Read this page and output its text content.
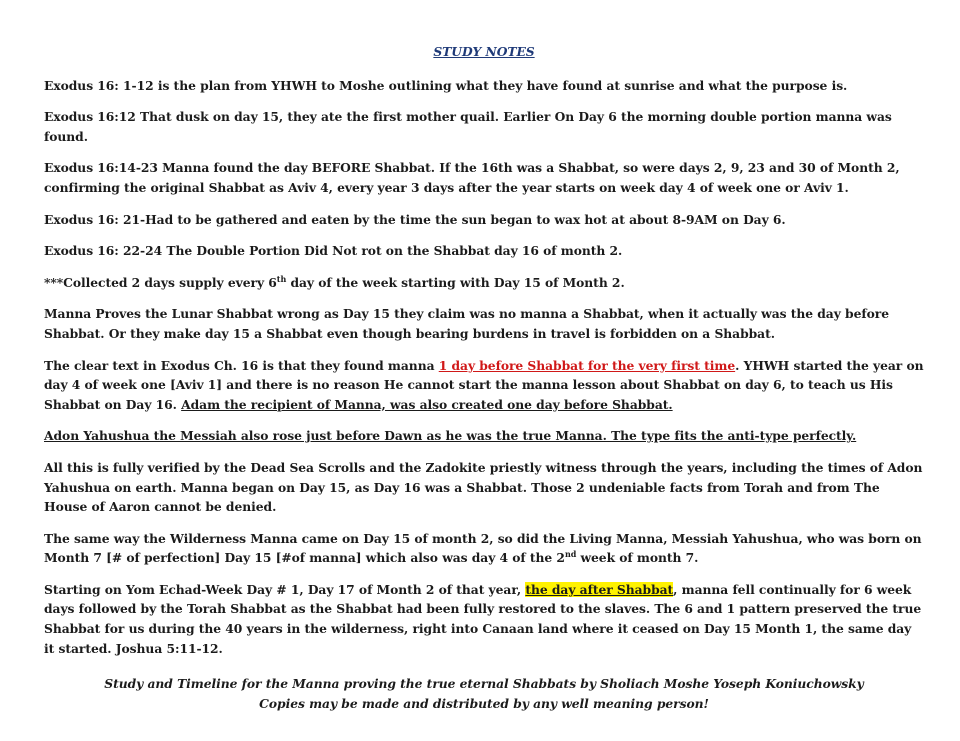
STUDY NOTES

Exodus 16: 1-12 is the plan from YHWH to Moshe outlining what they have found at sunrise and what the purpose is.

Exodus 16:12 That dusk on day 15, they ate the first mother quail. Earlier On Day 6 the morning double portion manna was found.

Exodus 16:14-23 Manna found the day BEFORE Shabbat. If the 16th was a Shabbat, so were days 2, 9, 23 and 30 of Month 2, confirming the original Shabbat as Aviv 4, every year 3 days after the year starts on week day 4 of week one or Aviv 1.

Exodus 16: 21-Had to be gathered and eaten by the time the sun began to wax hot at about 8-9AM on Day 6.

Exodus 16: 22-24 The Double Portion Did Not rot on the Shabbat day 16 of month 2.

***Collected 2 days supply every 6th day of the week starting with Day 15 of Month 2.

Manna Proves the Lunar Shabbat wrong as Day 15 they claim was no manna a Shabbat, when it actually was the day before Shabbat. Or they make day 15 a Shabbat even though bearing burdens in travel is forbidden on a Shabbat.

The clear text in Exodus Ch. 16 is that they found manna 1 day before Shabbat for the very first time. YHWH started the year on day 4 of week one [Aviv 1] and there is no reason He cannot start the manna lesson about Shabbat on day 6, to teach us His Shabbat on Day 16. Adam the recipient of Manna, was also created one day before Shabbat.

Adon Yahushua the Messiah also rose just before Dawn as he was the true Manna. The type fits the anti-type perfectly.

All this is fully verified by the Dead Sea Scrolls and the Zadokite priestly witness through the years, including the times of Adon Yahushua on earth. Manna began on Day 15, as Day 16 was a Shabbat. Those 2 undeniable facts from Torah and from The House of Aaron cannot be denied.

The same way the Wilderness Manna came on Day 15 of month 2, so did the Living Manna, Messiah Yahushua, who was born on Month 7 [# of perfection] Day 15 [#of manna] which also was day 4 of the 2nd week of month 7.

Starting on Yom Echad-Week Day # 1, Day 17 of Month 2 of that year, the day after Shabbat, manna fell continually for 6 week days followed by the Torah Shabbat as the Shabbat had been fully restored to the slaves. The 6 and 1 pattern preserved the true Shabbat for us during the 40 years in the wilderness, right into Canaan land where it ceased on Day 15 Month 1, the same day it started. Joshua 5:11-12.

Study and Timeline for the Manna proving the true eternal Shabbats by Sholiach Moshe Yoseph Koniuchowsky
Copies may be made and distributed by any well meaning person!
